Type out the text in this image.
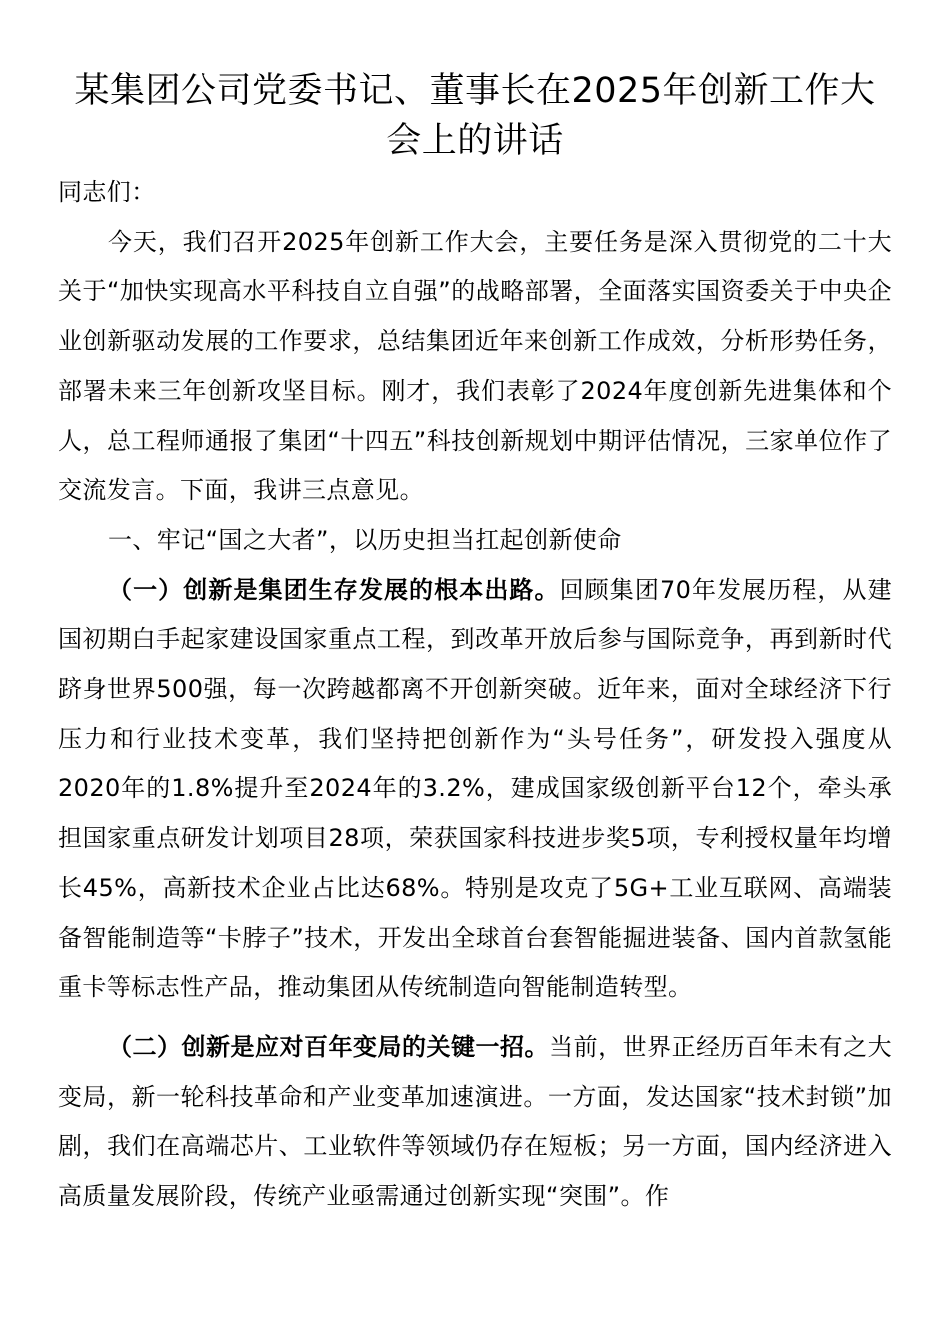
某集团公司党委书记、董事长在2025年创新工作大会上的讲话

同志们：

今天，我们召开2025年创新工作大会，主要任务是深入贯彻党的二十大关于“加快实现高水平科技自立自强”的战略部署，全面落实国资委关于中央企业创新驱动发展的工作要求，总结集团近年来创新工作成效，分析形势任务，部署未来三年创新攻坚目标。刚才，我们表彰了2024年度创新先进集体和个人，总工程师通报了集团“十四五”科技创新规划中期评估情况，三家单位作了交流发言。下面，我讲三点意见。

一、牢记“国之大者”，以历史担当扛起创新使命

（一）创新是集团生存发展的根本出路。回顾集团70年发展历程，从建国初期白手起家建设国家重点工程，到改革开放后参与国际竞争，再到新时代跻身世界500强，每一次跨越都离不开创新突破。近年来，面对全球经济下行压力和行业技术变革，我们坚持把创新作为“头号任务”，研发投入强度从2020年的1.8%提升至2024年的3.2%，建成国家级创新平台12个，牵头承担国家重点研发计划项目28项，荣获国家科技进步奖5项，专利授权量年均增长45%，高新技术企业占比达68%。特别是攻克了5G+工业互联网、高端装备智能制造等“卡脖子”技术，开发出全球首台套智能掘进装备、国内首款氢能重卡等标志性产品，推动集团从传统制造向智能制造转型。

（二）创新是应对百年变局的关键一招。当前，世界正经历百年未有之大变局，新一轮科技革命和产业变革加速演进。一方面，发达国家“技术封锁”加剧，我们在高端芯片、工业软件等领域仍存在短板；另一方面，国内经济进入高质量发展阶段，传统产业亟需通过创新实现“突围”。作
